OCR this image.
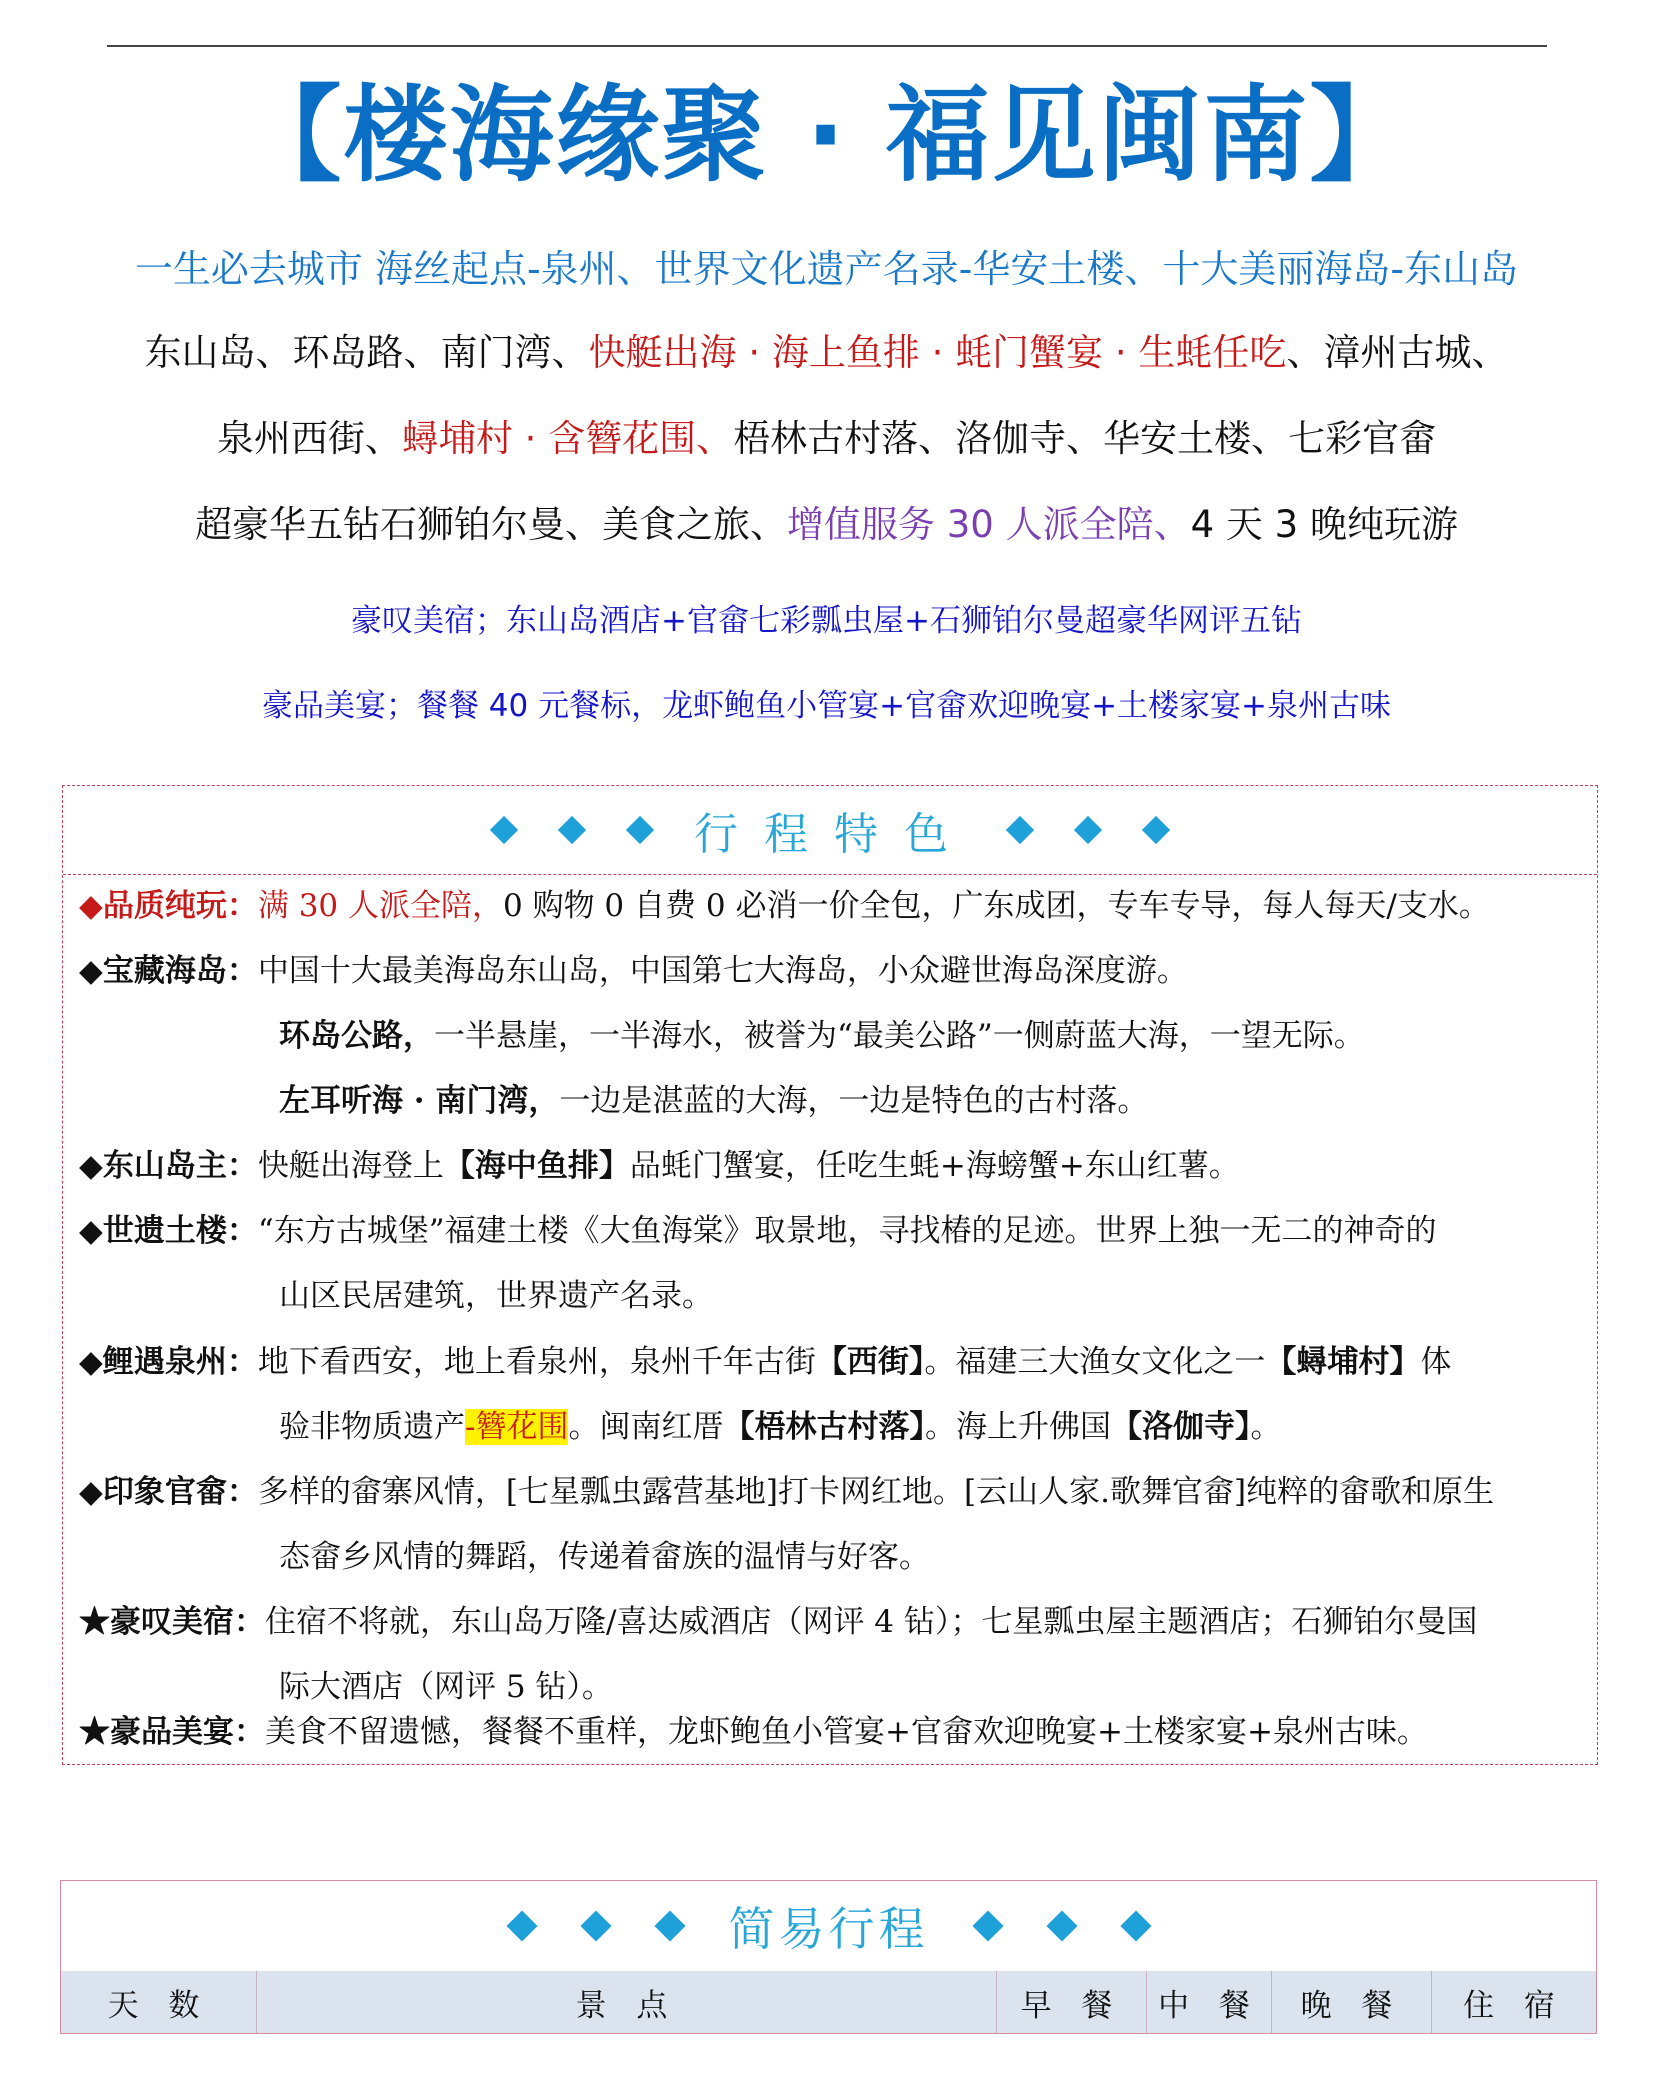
【楼海缘聚 · 福见闽南】
一生必去城市 海丝起点-泉州、世界文化遗产名录-华安土楼、十大美丽海岛-东山岛
东山岛、环岛路、南门湾、快艇出海 · 海上鱼排 · 蚝门蟹宴 · 生蚝任吃、漳州古城、
泉州西街、蟳埔村 · 含簪花围、梧林古村落、洛伽寺、华安土楼、七彩官畲
超豪华五钻石狮铂尔曼、美食之旅、增值服务 30 人派全陪、4 天 3 晚纯玩游
豪叹美宿；东山岛酒店+官畲七彩瓢虫屋+石狮铂尔曼超豪华网评五钻
豪品美宴；餐餐 40 元餐标，龙虾鲍鱼小管宴+官畲欢迎晚宴+土楼家宴+泉州古味
行程特色
◆品质纯玩：满 30 人派全陪，0 购物 0 自费 0 必消一价全包，广东成团，专车专导，每人每天/支水。
◆宝藏海岛：中国十大最美海岛东山岛，中国第七大海岛，小众避世海岛深度游。
环岛公路，一半悬崖，一半海水，被誉为“最美公路”一侧蔚蓝大海，一望无际。
左耳听海 · 南门湾，一边是湛蓝的大海，一边是特色的古村落。
◆东山岛主：快艇出海登上【海中鱼排】品蚝门蟹宴，任吃生蚝+海螃蟹+东山红薯。
◆世遗土楼：“东方古城堡”福建土楼《大鱼海棠》取景地，寻找椿的足迹。世界上独一无二的神奇的
山区民居建筑，世界遗产名录。
◆鲤遇泉州：地下看西安，地上看泉州，泉州千年古街【西街】。福建三大渔女文化之一【蟳埔村】体
验非物质遗产-簪花围。闽南红厝【梧林古村落】。海上升佛国【洛伽寺】。
◆印象官畲：多样的畲寨风情，[七星瓢虫露营基地]打卡网红地。[云山人家.歌舞官畲]纯粹的畲歌和原生
态畲乡风情的舞蹈，传递着畲族的温情与好客。
★豪叹美宿：住宿不将就，东山岛万隆/喜达威酒店（网评 4 钻）；七星瓢虫屋主题酒店；石狮铂尔曼国
际大酒店（网评 5 钻）。
★豪品美宴：美食不留遗憾，餐餐不重样，龙虾鲍鱼小管宴+官畲欢迎晚宴+土楼家宴+泉州古味。
简易行程
天 数	景 点	早 餐	中 餐	晚 餐	住 宿
